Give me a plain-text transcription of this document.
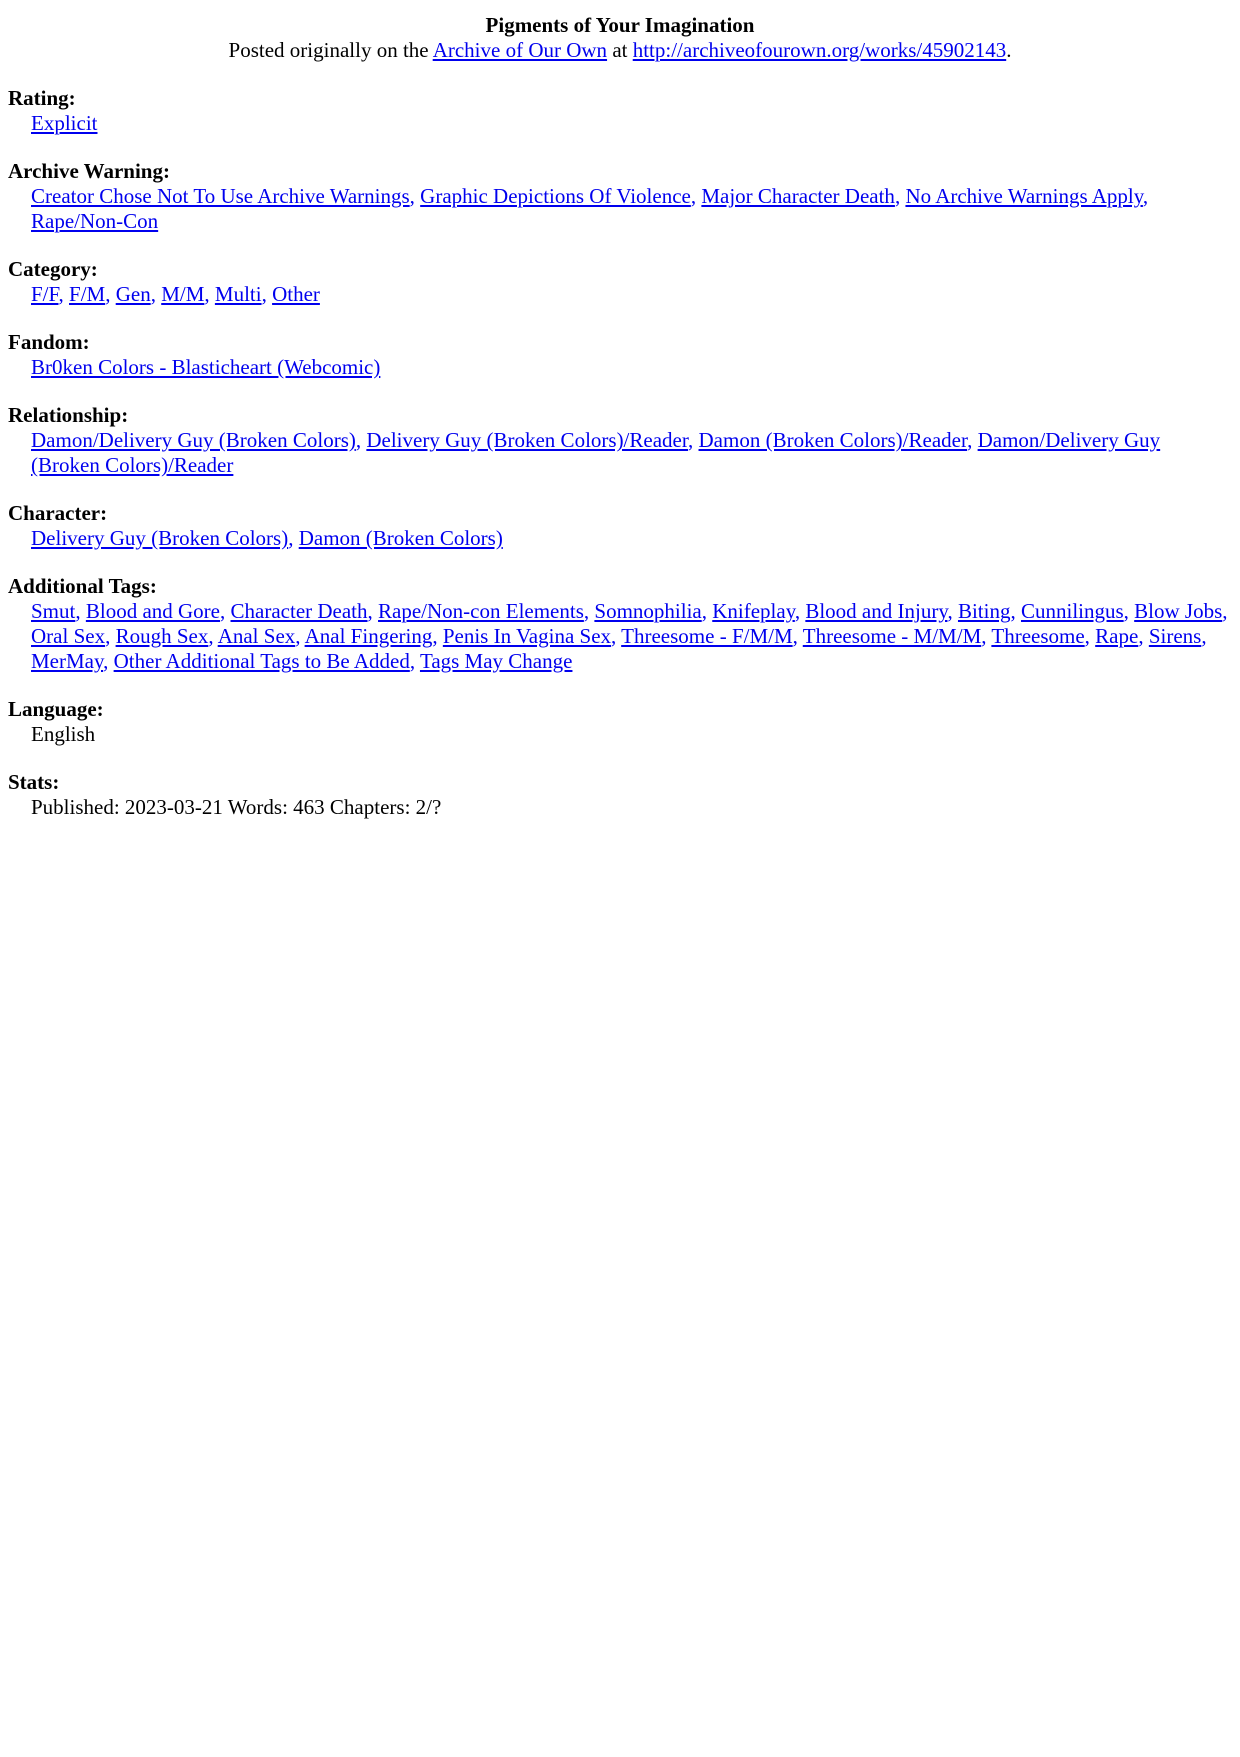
Pigments of Your Imagination
Posted originally on the Archive of Our Own at http://archiveofourown.org/works/45902143.
Rating:
Explicit
Archive Warning:
Creator Chose Not To Use Archive Warnings, Graphic Depictions Of Violence, Major Character Death, No Archive Warnings Apply, Rape/Non-Con
Category:
F/F, F/M, Gen, M/M, Multi, Other
Fandom:
Br0ken Colors - Blasticheart (Webcomic)
Relationship:
Damon/Delivery Guy (Broken Colors), Delivery Guy (Broken Colors)/Reader, Damon (Broken Colors)/Reader, Damon/Delivery Guy (Broken Colors)/Reader
Character:
Delivery Guy (Broken Colors), Damon (Broken Colors)
Additional Tags:
Smut, Blood and Gore, Character Death, Rape/Non-con Elements, Somnophilia, Knifeplay, Blood and Injury, Biting, Cunnilingus, Blow Jobs, Oral Sex, Rough Sex, Anal Sex, Anal Fingering, Penis In Vagina Sex, Threesome - F/M/M, Threesome - M/M/M, Threesome, Rape, Sirens, MerMay, Other Additional Tags to Be Added, Tags May Change
Language:
English
Stats:
Published: 2023-03-21 Words: 463 Chapters: 2/?
